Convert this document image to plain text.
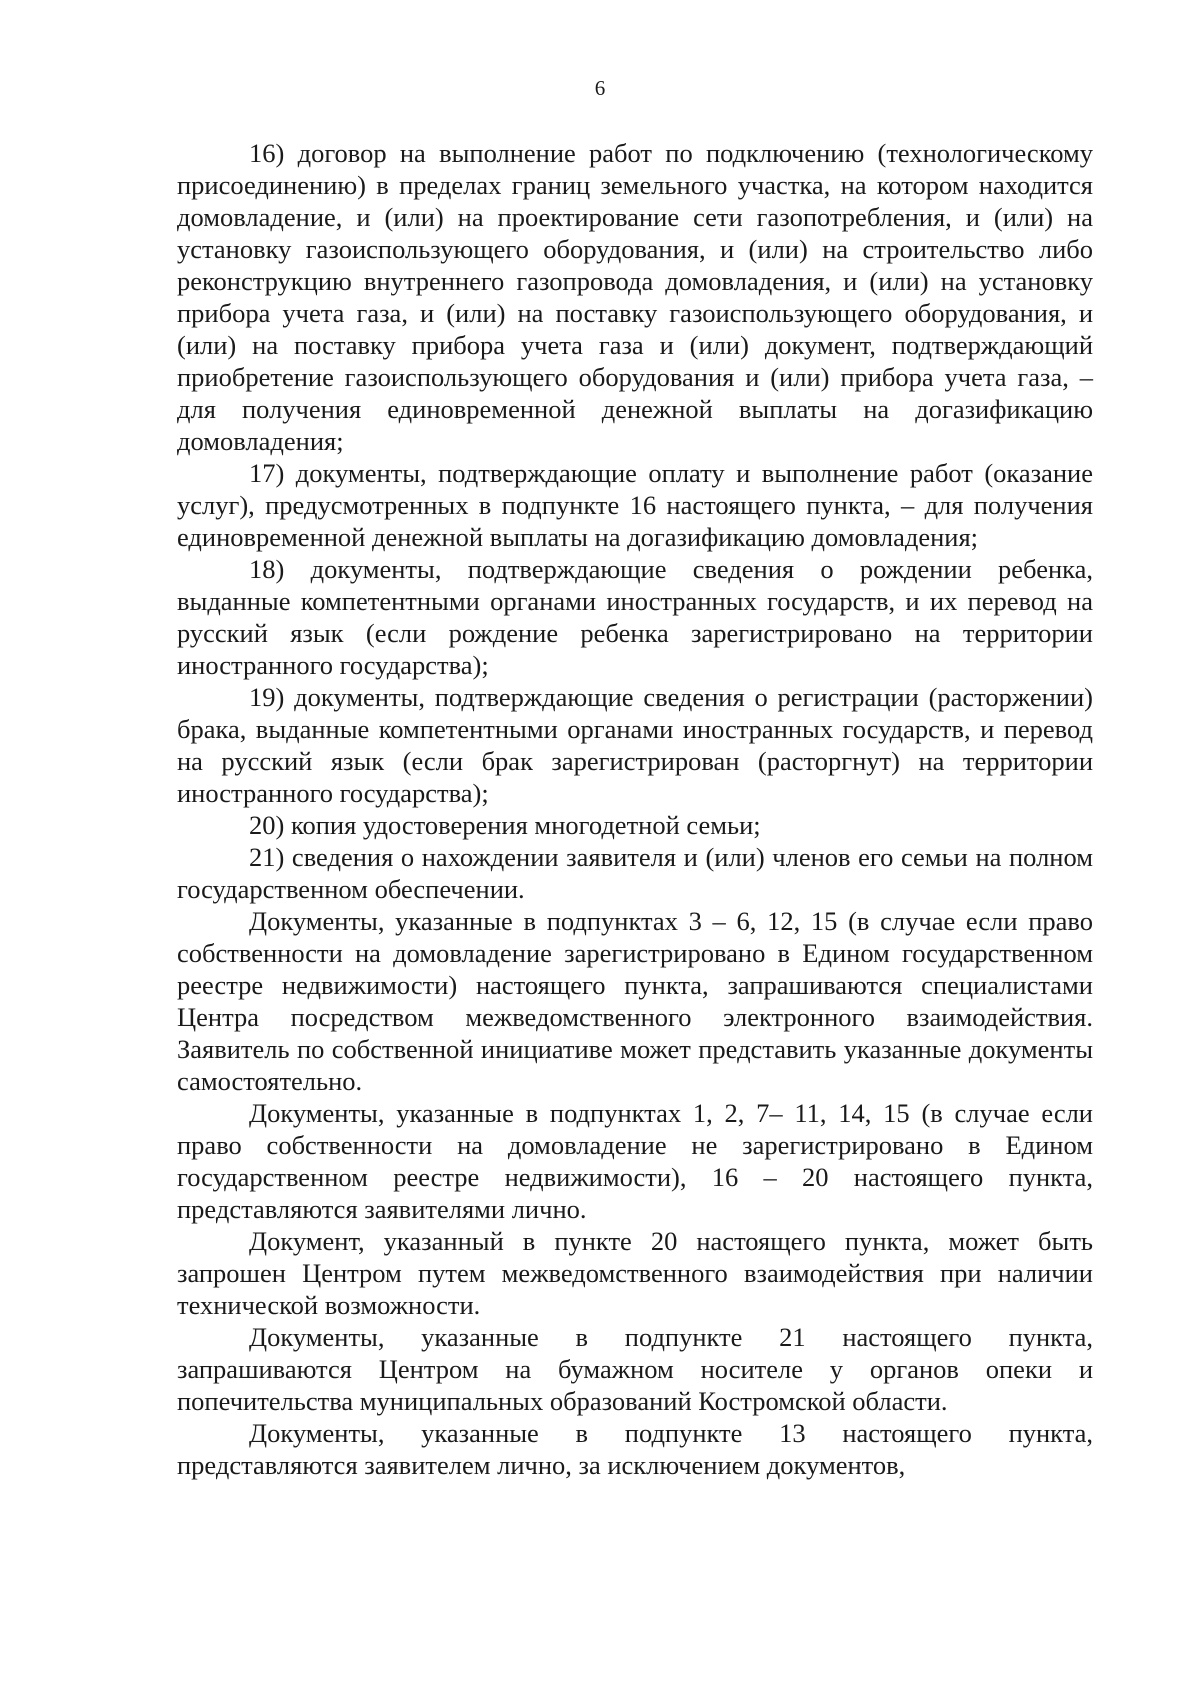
6

16) договор на выполнение работ по подключению (технологическому присоединению) в пределах границ земельного участка, на котором находится домовладение, и (или) на проектирование сети газопотребления, и (или) на установку газоиспользующего оборудования, и (или) на строительство либо реконструкцию внутреннего газопровода домовладения, и (или) на установку прибора учета газа, и (или) на поставку газоиспользующего оборудования, и (или) на поставку прибора учета газа и (или) документ, подтверждающий приобретение газоиспользующего оборудования и (или) прибора учета газа, – для получения единовременной денежной выплаты на догазификацию домовладения;

17) документы, подтверждающие оплату и выполнение работ (оказание услуг), предусмотренных в подпункте 16 настоящего пункта, – для получения единовременной денежной выплаты на догазификацию домовладения;

18) документы, подтверждающие сведения о рождении ребенка, выданные компетентными органами иностранных государств, и их перевод на русский язык (если рождение ребенка зарегистрировано на территории иностранного государства);

19) документы, подтверждающие сведения о регистрации (расторжении) брака, выданные компетентными органами иностранных государств, и перевод на русский язык (если брак зарегистрирован (расторгнут) на территории иностранного государства);

20) копия удостоверения многодетной семьи;

21) сведения о нахождении заявителя и (или) членов его семьи на полном государственном обеспечении.

Документы, указанные в подпунктах 3 – 6, 12, 15 (в случае если право собственности на домовладение зарегистрировано в Едином государственном реестре недвижимости) настоящего пункта, запрашиваются специалистами Центра посредством межведомственного электронного взаимодействия. Заявитель по собственной инициативе может представить указанные документы самостоятельно.

Документы, указанные в подпунктах 1, 2, 7– 11, 14, 15 (в случае если право собственности на домовладение не зарегистрировано в Едином государственном реестре недвижимости), 16 – 20 настоящего пункта, представляются заявителями лично.

Документ, указанный в пункте 20 настоящего пункта, может быть запрошен Центром путем межведомственного взаимодействия при наличии технической возможности.

Документы, указанные в подпункте 21 настоящего пункта, запрашиваются Центром на бумажном носителе у органов опеки и попечительства муниципальных образований Костромской области.

Документы, указанные в подпункте 13 настоящего пункта, представляются заявителем лично, за исключением документов,
